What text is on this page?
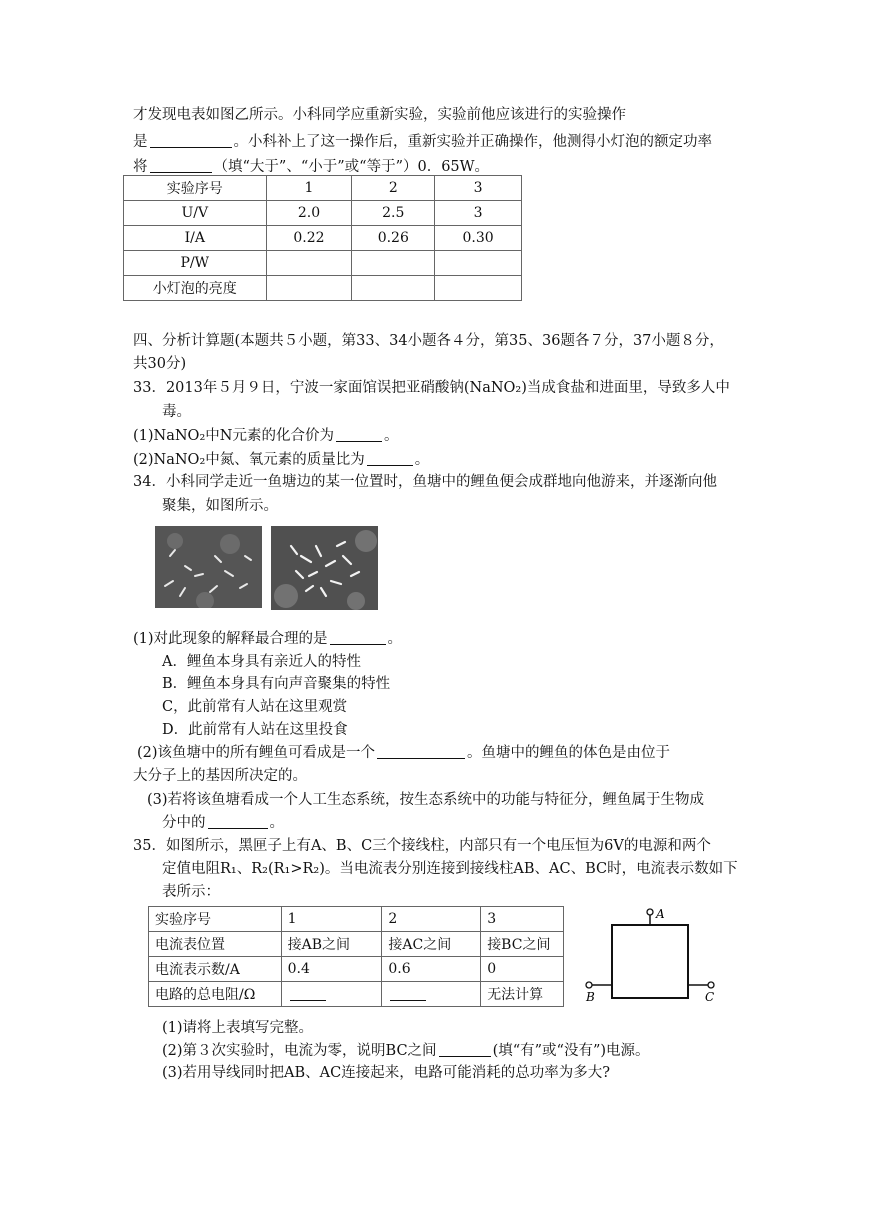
才发现电表如图乙所示。小科同学应重新实验，实验前他应该进行的实验操作
是	。小科补上了这一操作后，重新实验并正确操作，他测得小灯泡的额定功率
将	（填“大于”、“小于”或“等于”）0．65W。
实验序号	1	2	3
U/V	2.0	2.5	3
I/A	0.22	0.26	0.30
P/W			
小灯泡的亮度			
四、分析计算题(本题共５小题，第33、34小题各４分，第35、36题各７分，37小题８分，
共30分)
33．2013年５月９日，宁波一家面馆误把亚硝酸钠(NaNO₂)当成食盐和进面里，导致多人中
毒。
(1)NaNO₂中N元素的化合价为	。
(2)NaNO₂中氮、氧元素的质量比为	。
34．小科同学走近一鱼塘边的某一位置时，鱼塘中的鲤鱼便会成群地向他游来，并逐渐向他
聚集，如图所示。
(1)对此现象的解释最合理的是	。
A．鲤鱼本身具有亲近人的特性
B．鲤鱼本身具有向声音聚集的特性
C，此前常有人站在这里观赏
D．此前常有人站在这里投食
(2)该鱼塘中的所有鲤鱼可看成是一个	。鱼塘中的鲤鱼的体色是由位于
大分子上的基因所决定的。
(3)若将该鱼塘看成一个人工生态系统，按生态系统中的功能与特征分，鲤鱼属于生物成
分中的	。
35．如图所示，黑匣子上有A、B、C三个接线柱，内部只有一个电压恒为6V的电源和两个
定值电阻R₁、R₂(R₁>R₂)。当电流表分别连接到接线柱AB、AC、BC时，电流表示数如下
表所示：
实验序号	1	2	3
电流表位置	接AB之间	接AC之间	接BC之间
电流表示数/A	0.4	0.6	0
电路的总电阻/Ω			无法计算
A
B	C
(1)请将上表填写完整。
(2)第３次实验时，电流为零，说明BC之间	(填“有”或“没有”)电源。
(3)若用导线同时把AB、AC连接起来，电路可能消耗的总功率为多大?
